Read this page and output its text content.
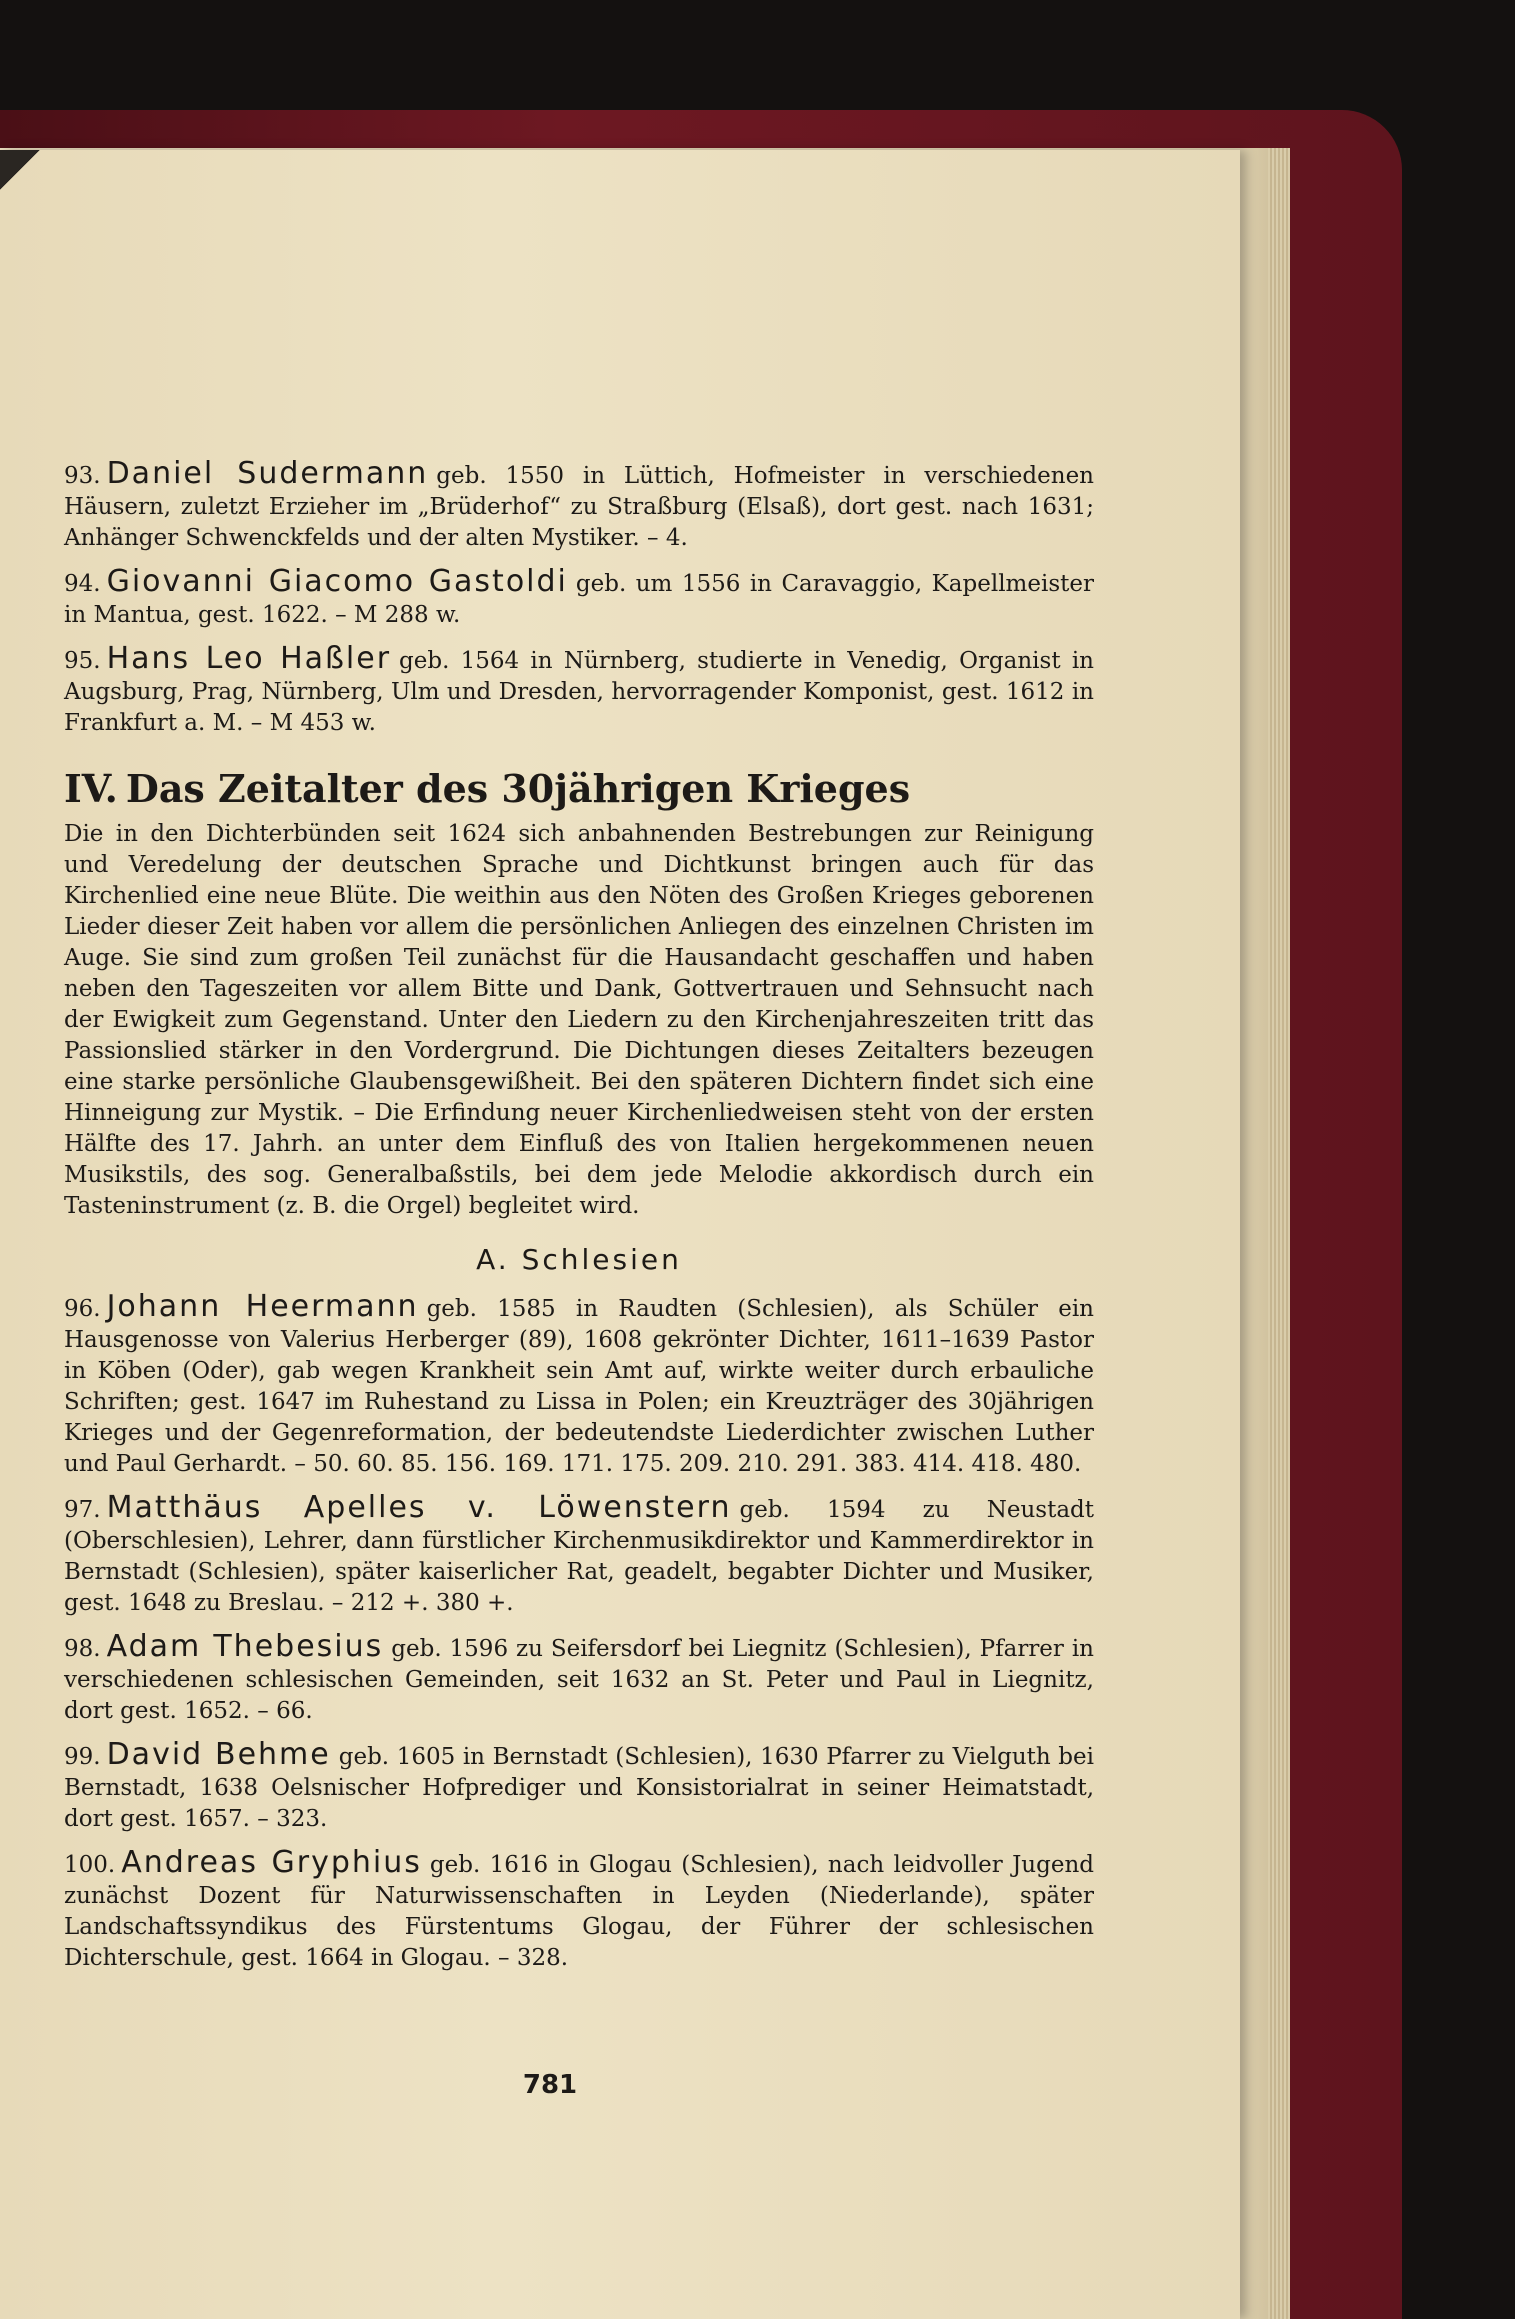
93. Daniel Sudermann geb. 1550 in Lüttich, Hofmeister in verschiedenen Häusern, zuletzt Erzieher im „Brüderhof“ zu Straßburg (Elsaß), dort gest. nach 1631; Anhänger Schwenckfelds und der alten Mystiker. – 4.

94. Giovanni Giacomo Gastoldi geb. um 1556 in Caravaggio, Kapellmeister in Mantua, gest. 1622. – M 288 w.

95. Hans Leo Haßler geb. 1564 in Nürnberg, studierte in Venedig, Organist in Augsburg, Prag, Nürnberg, Ulm und Dresden, hervorragender Komponist, gest. 1612 in Frankfurt a. M. – M 453 w.

IV. Das Zeitalter des 30jährigen Krieges

Die in den Dichterbünden seit 1624 sich anbahnenden Bestrebungen zur Reinigung und Veredelung der deutschen Sprache und Dichtkunst bringen auch für das Kirchenlied eine neue Blüte. Die weithin aus den Nöten des Großen Krieges geborenen Lieder dieser Zeit haben vor allem die persönlichen Anliegen des einzelnen Christen im Auge. Sie sind zum großen Teil zunächst für die Hausandacht geschaffen und haben neben den Tageszeiten vor allem Bitte und Dank, Gottvertrauen und Sehnsucht nach der Ewigkeit zum Gegenstand. Unter den Liedern zu den Kirchenjahreszeiten tritt das Passionslied stärker in den Vordergrund. Die Dichtungen dieses Zeitalters bezeugen eine starke persönliche Glaubensgewißheit. Bei den späteren Dichtern findet sich eine Hinneigung zur Mystik. – Die Erfindung neuer Kirchenliedweisen steht von der ersten Hälfte des 17. Jahrh. an unter dem Einfluß des von Italien hergekommenen neuen Musikstils, des sog. Generalbaßstils, bei dem jede Melodie akkordisch durch ein Tasteninstrument (z. B. die Orgel) begleitet wird.

A. Schlesien

96. Johann Heermann geb. 1585 in Raudten (Schlesien), als Schüler ein Hausgenosse von Valerius Herberger (89), 1608 gekrönter Dichter, 1611–1639 Pastor in Köben (Oder), gab wegen Krankheit sein Amt auf, wirkte weiter durch erbauliche Schriften; gest. 1647 im Ruhestand zu Lissa in Polen; ein Kreuzträger des 30jährigen Krieges und der Gegenreformation, der bedeutendste Liederdichter zwischen Luther und Paul Gerhardt. – 50. 60. 85. 156. 169. 171. 175. 209. 210. 291. 383. 414. 418. 480.

97. Matthäus Apelles v. Löwenstern geb. 1594 zu Neustadt (Oberschlesien), Lehrer, dann fürstlicher Kirchenmusikdirektor und Kammerdirektor in Bernstadt (Schlesien), später kaiserlicher Rat, geadelt, begabter Dichter und Musiker, gest. 1648 zu Breslau. – 212 +. 380 +.

98. Adam Thebesius geb. 1596 zu Seifersdorf bei Liegnitz (Schlesien), Pfarrer in verschiedenen schlesischen Gemeinden, seit 1632 an St. Peter und Paul in Liegnitz, dort gest. 1652. – 66.

99. David Behme geb. 1605 in Bernstadt (Schlesien), 1630 Pfarrer zu Vielguth bei Bernstadt, 1638 Oelsnischer Hofprediger und Konsistorialrat in seiner Heimatstadt, dort gest. 1657. – 323.

100. Andreas Gryphius geb. 1616 in Glogau (Schlesien), nach leidvoller Jugend zunächst Dozent für Naturwissenschaften in Leyden (Niederlande), später Landschaftssyndikus des Fürstentums Glogau, der Führer der schlesischen Dichterschule, gest. 1664 in Glogau. – 328.

781
